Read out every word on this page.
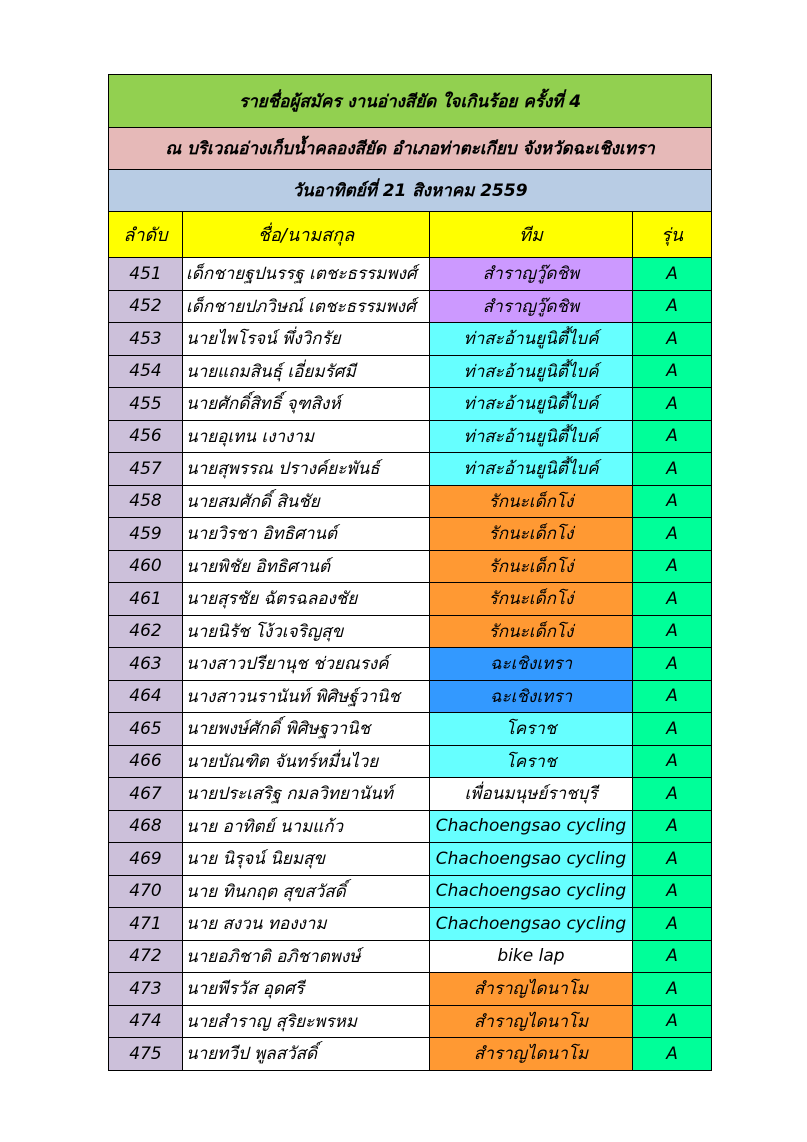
รายชื่อผู้สมัคร งานอ่างสียัด ใจเกินร้อย ครั้งที่ 4			
ณ บริเวณอ่างเก็บน้ำคลองสียัด อำเภอท่าตะเกียบ จังหวัดฉะเชิงเทรา			
วันอาทิตย์ที่ 21 สิงหาคม 2559			
ลำดับ	ชื่อ/นามสกุล	ทีม	รุ่น
451	เด็กชายฐปนรรฐ เตชะธรรมพงศ์	สำราญวู๊ดชิพ	A
452	เด็กชายปภวิษณ์ เตชะธรรมพงศ์	สำราญวู๊ดชิพ	A
453	นายไพโรจน์ พึ่งวิกรัย	ท่าสะอ้านยูนิตี้ไบค์	A
454	นายแถมสินธุ์ เอี่ยมรัศมี	ท่าสะอ้านยูนิตี้ไบค์	A
455	นายศักดิ์สิทธิ์ จุฑสิงห์	ท่าสะอ้านยูนิตี้ไบค์	A
456	นายอุเทน เงางาม	ท่าสะอ้านยูนิตี้ไบค์	A
457	นายสุพรรณ ปรางค์ยะพันธ์	ท่าสะอ้านยูนิตี้ไบค์	A
458	นายสมศักดิ์ สินชัย	รักนะเด็กโง่	A
459	นายวิรชา อิทธิศานต์	รักนะเด็กโง่	A
460	นายพิชัย อิทธิศานต์	รักนะเด็กโง่	A
461	นายสุรชัย ฉัตรฉลองชัย	รักนะเด็กโง่	A
462	นายนิรัช โง้วเจริญสุข	รักนะเด็กโง่	A
463	นางสาวปรียานุช ช่วยณรงค์	ฉะเชิงเทรา	A
464	นางสาวนรานันท์ พิศิษฐ์วานิช	ฉะเชิงเทรา	A
465	นายพงษ์ศักดิ์ พิศิษฐวานิช	โคราช	A
466	นายบัณฑิต จันทร์หมื่นไวย	โคราช	A
467	นายประเสริฐ กมลวิทยานันท์	เพื่อนมนุษย์ราชบุรี	A
468	นาย อาทิตย์ นามแก้ว	Chachoengsao cycling	A
469	นาย นิรุจน์ นิยมสุข	Chachoengsao cycling	A
470	นาย ทินกฤต สุขสวัสดิ์	Chachoengsao cycling	A
471	นาย สงวน ทองงาม	Chachoengsao cycling	A
472	นายอภิชาติ อภิชาตพงษ์	bike lap	A
473	นายพีรวัส อุดศรี	สำราญไดนาโม	A
474	นายสำราญ สุริยะพรหม	สำราญไดนาโม	A
475	นายทวีป พูลสวัสดิ์	สำราญไดนาโม	A
